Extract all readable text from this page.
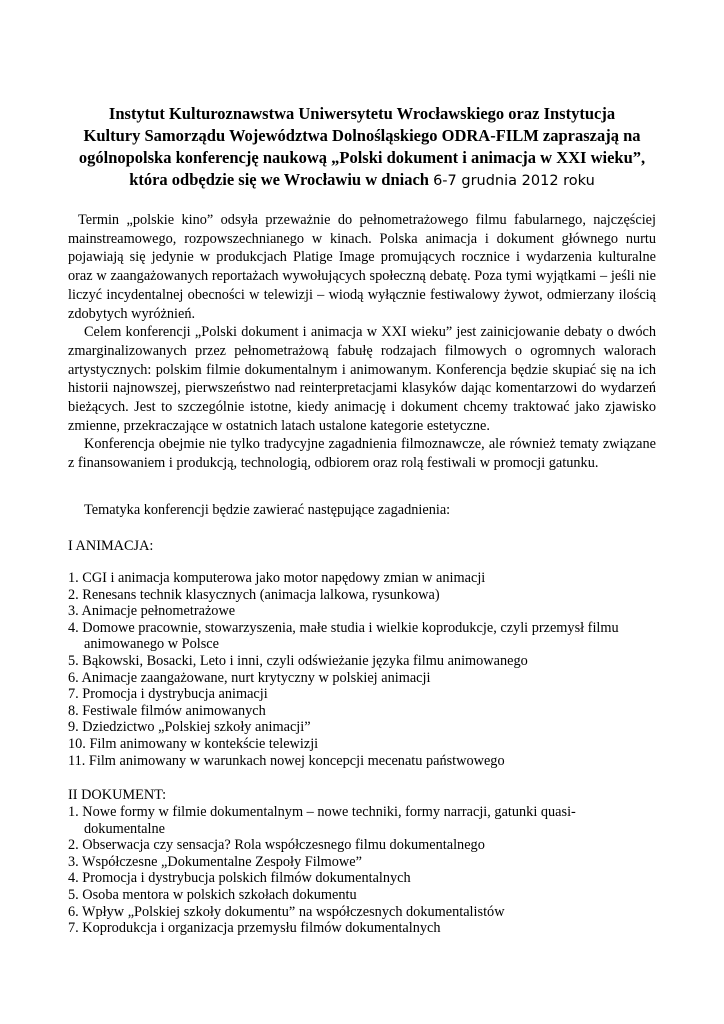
Instytut Kulturoznawstwa Uniwersytetu Wrocławskiego oraz Instytucja
Kultury Samorządu Województwa Dolnośląskiego ODRA-FILM zapraszają na
ogólnopolska konferencję naukową „Polski dokument i animacja w XXI wieku”,
która odbędzie się we Wrocławiu w dniach 6-7 grudnia 2012 roku

Termin „polskie kino” odsyła przeważnie do pełnometrażowego filmu fabularnego, najczęściej mainstreamowego, rozpowszechnianego w kinach. Polska animacja i dokument głównego nurtu pojawiają się jedynie w produkcjach Platige Image promujących rocznice i wydarzenia kulturalne oraz w zaangażowanych reportażach wywołujących społeczną debatę. Poza tymi wyjątkami – jeśli nie liczyć incydentalnej obecności w telewizji – wiodą wyłącznie festiwalowy żywot, odmierzany ilością zdobytych wyróżnień.

Celem konferencji „Polski dokument i animacja w XXI wieku” jest zainicjowanie debaty o dwóch zmarginalizowanych przez pełnometrażową fabułę rodzajach filmowych o ogromnych walorach artystycznych: polskim filmie dokumentalnym i animowanym. Konferencja będzie skupiać się na ich historii najnowszej, pierwszeństwo nad reinterpretacjami klasyków dając komentarzowi do wydarzeń bieżących. Jest to szczególnie istotne, kiedy animację i dokument chcemy traktować jako zjawisko zmienne, przekraczające w ostatnich latach ustalone kategorie estetyczne.

Konferencja obejmie nie tylko tradycyjne zagadnienia filmoznawcze, ale również tematy związane z finansowaniem i produkcją, technologią, odbiorem oraz rolą festiwali w promocji gatunku.

Tematyka konferencji będzie zawierać następujące zagadnienia:
I ANIMACJA:
1. CGI i animacja komputerowa jako motor napędowy zmian w animacji
2. Renesans technik klasycznych (animacja lalkowa, rysunkowa)
3. Animacje pełnometrażowe
4. Domowe pracownie, stowarzyszenia, małe studia i wielkie koprodukcje, czyli przemysł filmu
animowanego w Polsce
5. Bąkowski, Bosacki, Leto i inni, czyli odświeżanie języka filmu animowanego
6. Animacje zaangażowane, nurt krytyczny w polskiej animacji
7. Promocja i dystrybucja animacji
8. Festiwale filmów animowanych
9. Dziedzictwo „Polskiej szkoły animacji”
10. Film animowany w kontekście telewizji
11. Film animowany w warunkach nowej koncepcji mecenatu państwowego
II DOKUMENT:
1. Nowe formy w filmie dokumentalnym – nowe techniki, formy narracji, gatunki quasi-
dokumentalne
2. Obserwacja czy sensacja? Rola współczesnego filmu dokumentalnego
3. Współczesne „Dokumentalne Zespoły Filmowe”
4. Promocja i dystrybucja polskich filmów dokumentalnych
5. Osoba mentora w polskich szkołach dokumentu
6. Wpływ „Polskiej szkoły dokumentu” na współczesnych dokumentalistów
7. Koprodukcja i organizacja przemysłu filmów dokumentalnych
